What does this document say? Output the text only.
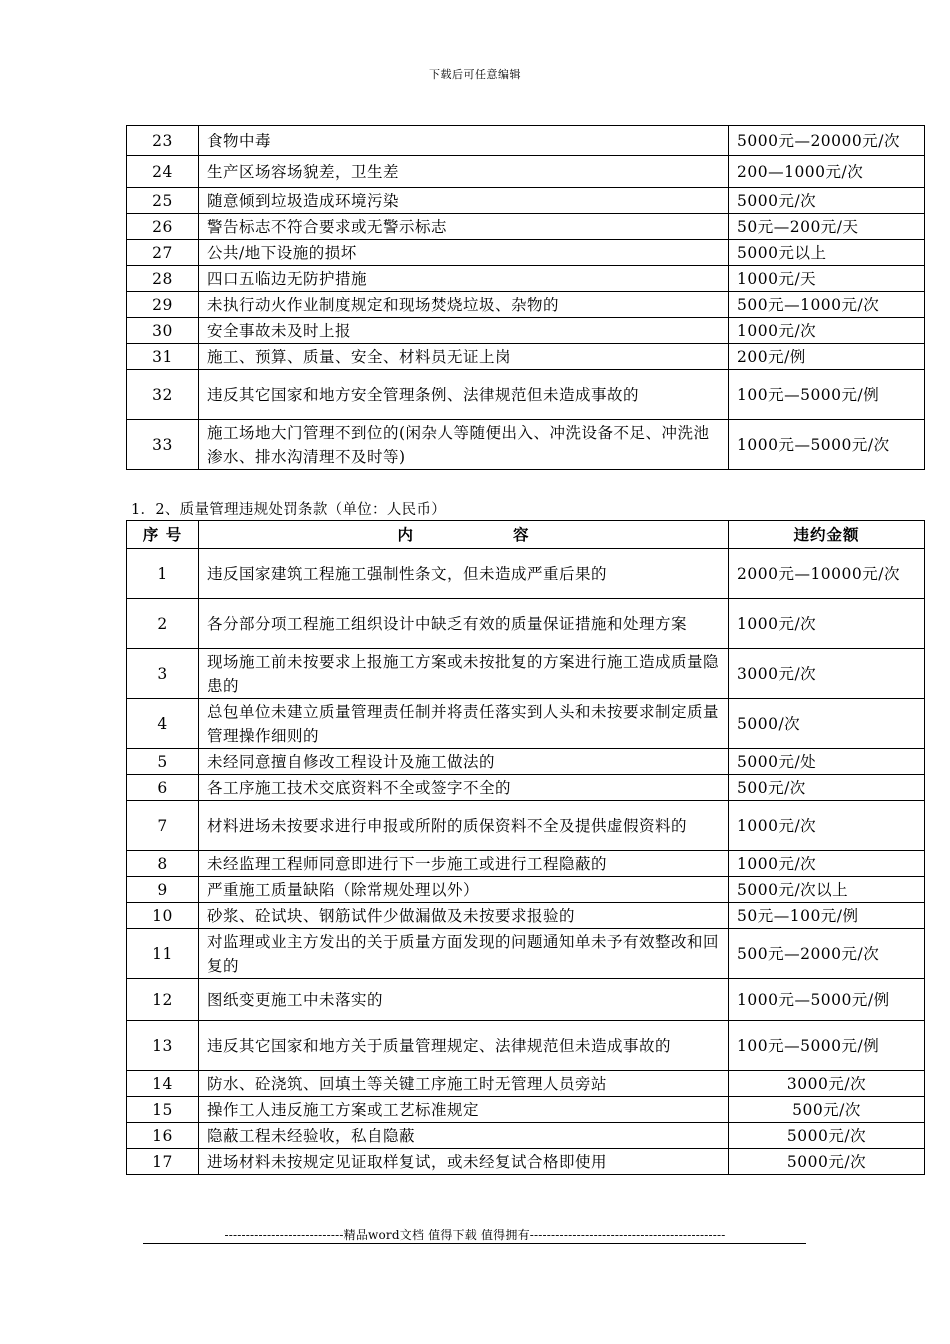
下载后可任意编辑
23	食物中毒	5000元—20000元/次
24	生产区场容场貌差，卫生差	200—1000元/次
25	随意倾到垃圾造成环境污染	5000元/次
26	警告标志不符合要求或无警示标志	50元—200元/天
27	公共/地下设施的损坏	5000元以上
28	四口五临边无防护措施	1000元/天
29	未执行动火作业制度规定和现场焚烧垃圾、杂物的	500元—1000元/次
30	安全事故未及时上报	1000元/次
31	施工、预算、质量、安全、材料员无证上岗	200元/例
32	违反其它国家和地方安全管理条例、法律规范但未造成事故的	100元—5000元/例
33	施工场地大门管理不到位的(闲杂人等随便出入、冲洗设备不足、冲洗池渗水、排水沟清理不及时等)	1000元—5000元/次
1．2、质量管理违规处罚条款（单位：人民币）
序 号	内　　　　　　容	违约金额
1	违反国家建筑工程施工强制性条文，但未造成严重后果的	2000元—10000元/次
2	各分部分项工程施工组织设计中缺乏有效的质量保证措施和处理方案	1000元/次
3	现场施工前未按要求上报施工方案或未按批复的方案进行施工造成质量隐患的	3000元/次
4	总包单位未建立质量管理责任制并将责任落实到人头和未按要求制定质量管理操作细则的	5000/次
5	未经同意擅自修改工程设计及施工做法的	5000元/处
6	各工序施工技术交底资料不全或签字不全的	500元/次
7	材料进场未按要求进行申报或所附的质保资料不全及提供虚假资料的	1000元/次
8	未经监理工程师同意即进行下一步施工或进行工程隐蔽的	1000元/次
9	严重施工质量缺陷（除常规处理以外）	5000元/次以上
10	砂浆、砼试块、钢筋试件少做漏做及未按要求报验的	50元—100元/例
11	对监理或业主方发出的关于质量方面发现的问题通知单未予有效整改和回复的	500元—2000元/次
12	图纸变更施工中未落实的	1000元—5000元/例
13	违反其它国家和地方关于质量管理规定、法律规范但未造成事故的	100元—5000元/例
14	防水、砼浇筑、回填土等关键工序施工时无管理人员旁站	3000元/次
15	操作工人违反施工方案或工艺标准规定	500元/次
16	隐蔽工程未经验收，私自隐蔽	5000元/次
17	进场材料未按规定见证取样复试，或未经复试合格即使用	5000元/次
----------------------------精品word文档 值得下载 值得拥有----------------------------------------------
